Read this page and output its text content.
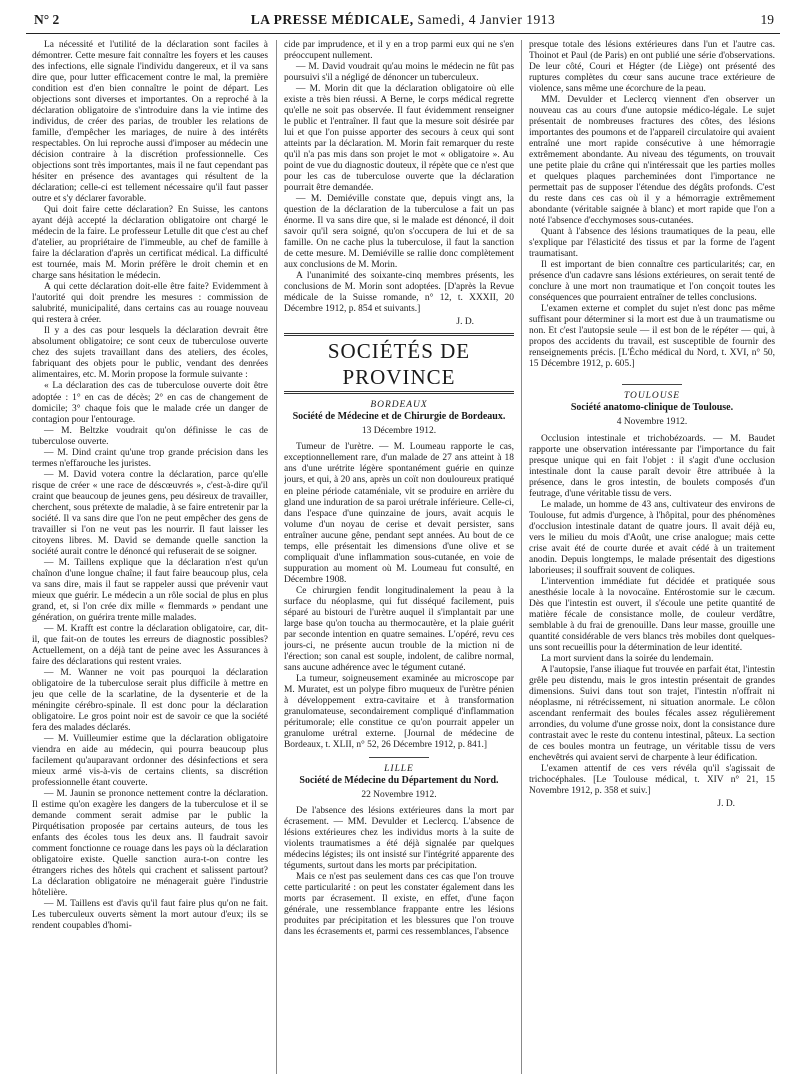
N° 2	LA PRESSE MÉDICALE, Samedi, 4 Janvier 1913	19

La nécessité et l'utilité de la déclaration sont faciles à démontrer. Cette mesure fait connaître les foyers et les causes des infections, elle signale l'individu dangereux, et il va sans dire que, pour lutter efficacement contre le mal, la première condition est d'en bien connaître le point de départ. Les objections sont diverses et importantes. On a reproché à la déclaration obligatoire de s'introduire dans la vie intime des individus, de créer des parias, de troubler les relations de famille, d'empêcher les mariages, de nuire à des intérêts respectables. On lui reproche aussi d'imposer au médecin une décision contraire à la discrétion professionnelle. Ces objections sont très importantes, mais il ne faut cependant pas hésiter en présence des avantages qui résultent de la déclaration; celle-ci est tellement nécessaire qu'il faut passer outre et s'y déclarer favorable.

Qui doit faire cette déclaration? En Suisse, les cantons ayant déjà accepté la déclaration obligatoire ont chargé le médecin de la faire. Le professeur Letulle dit que c'est au chef d'atelier, au propriétaire de l'immeuble, au chef de famille à faire la déclaration d'après un certificat médical. La difficulté est tournée, mais M. Morin préfère le droit chemin et en charge sans hésitation le médecin.

A qui cette déclaration doit-elle être faite? Evidemment à l'autorité qui doit prendre les mesures : commission de salubrité, municipalité, dans certains cas au rouage nouveau qui restera à créer.

Il y a des cas pour lesquels la déclaration devrait être absolument obligatoire; ce sont ceux de tuberculose ouverte chez des sujets travaillant dans des ateliers, des écoles, fabriquant des objets pour le public, vendant des denrées alimentaires, etc. M. Morin propose la formule suivante :

« La déclaration des cas de tuberculose ouverte doit être adoptée : 1° en cas de décès; 2° en cas de changement de domicile; 3° chaque fois que le malade crée un danger de contagion pour l'entourage.

— M. Beltzke voudrait qu'on définisse le cas de tuberculose ouverte.

— M. Dind craint qu'une trop grande précision dans les termes n'effarouche les juristes.

— M. David votera contre la déclaration, parce qu'elle risque de créer « une race de déscœuvrés », c'est-à-dire qu'il craint que beaucoup de jeunes gens, peu désireux de travailler, cherchent, sous prétexte de maladie, à se faire entretenir par la société. Il va sans dire que l'on ne peut empêcher des gens de travailler si l'on ne veut pas les nourrir. Il faut laisser les citoyens libres. M. David se demande quelle sanction la société aurait contre le dénoncé qui refuserait de se soigner.

— M. Taillens explique que la déclaration n'est qu'un chaînon d'une longue chaîne; il faut faire beaucoup plus, cela va sans dire, mais il faut se rappeler aussi que prévenir vaut mieux que guérir. Le médecin a un rôle social de plus en plus grand, et, si l'on crée dix mille « flemmards » pendant une génération, on guérira trente mille malades.

— M. Krafft est contre la déclaration obligatoire, car, dit-il, que fait-on de toutes les erreurs de diagnostic possibles? Actuellement, on a déjà tant de peine avec les Assurances à faire des déclarations qui restent vraies.

— M. Wanner ne voit pas pourquoi la déclaration obligatoire de la tuberculose serait plus difficile à mettre en jeu que celle de la scarlatine, de la dysenterie et de la méningite cérébro-spinale. Il est donc pour la déclaration obligatoire. Le gros point noir est de savoir ce que la société fera des malades déclarés.

— M. Vuilleumier estime que la déclaration obligatoire viendra en aide au médecin, qui pourra beaucoup plus facilement qu'auparavant ordonner des désinfections et sera mieux armé vis-à-vis de certains clients, sa discrétion professionnelle étant couverte.

— M. Jaunin se prononce nettement contre la déclaration. Il estime qu'on exagère les dangers de la tuberculose et il se demande comment serait admise par le public la Pirquétisation proposée par certains auteurs, de tous les enfants des écoles tous les deux ans. Il faudrait savoir comment fonctionne ce rouage dans les pays où la déclaration obligatoire existe. Quelle sanction aura-t-on contre les étrangers riches des hôtels qui crachent et salissent partout? La déclaration obligatoire ne ménagerait guère l'industrie hôtelière.

— M. Taillens est d'avis qu'il faut faire plus qu'on ne fait. Les tuberculeux ouverts sèment la mort autour d'eux; ils se rendent coupables d'homi-

cide par imprudence, et il y en a trop parmi eux qui ne s'en préoccupent nullement.

— M. David voudrait qu'au moins le médecin ne fût pas poursuivi s'il a négligé de dénoncer un tuberculeux.

— M. Morin dit que la déclaration obligatoire où elle existe a très bien réussi. A Berne, le corps médical regrette qu'elle ne soit pas observée. Il faut évidemment renseigner le public et l'entraîner. Il faut que la mesure soit désirée par lui et que l'on puisse apporter des secours à ceux qui sont atteints par la déclaration. M. Morin fait remarquer du reste qu'il n'a pas mis dans son projet le mot « obligatoire ». Au point de vue du diagnostic douteux, il répète que ce n'est que pour les cas de tuberculose ouverte que la déclaration pourrait être demandée.

— M. Demiéville constate que, depuis vingt ans, la question de la déclaration de la tuberculose a fait un pas énorme. Il va sans dire que, si le malade est dénoncé, il doit savoir qu'il sera soigné, qu'on s'occupera de lui et de sa famille. On ne cache plus la tuberculose, il faut la sanction de cette mesure. M. Demiéville se rallie donc complètement aux conclusions de M. Morin.

A l'unanimité des soixante-cinq membres présents, les conclusions de M. Morin sont adoptées. [D'après la Revue médicale de la Suisse romande, n° 12, t. XXXII, 20 Décembre 1912, p. 854 et suivants.]

J. D.

SOCIÉTÉS DE PROVINCE

BORDEAUX

Société de Médecine et de Chirurgie de Bordeaux.

13 Décembre 1912.

Tumeur de l'urètre. — M. Loumeau rapporte le cas, exceptionnellement rare, d'un malade de 27 ans atteint à 18 ans d'une urétrite légère spontanément guérie en quinze jours, et qui, à 20 ans, après un coït non douloureux pratiqué en pleine période cataméniale, vit se produire en arrière du gland une induration de sa paroi urétrale inférieure. Celle-ci, dans l'espace d'une quinzaine de jours, avait acquis le volume d'un noyau de cerise et devait persister, sans entraîner aucune gêne, pendant sept années. Au bout de ce temps, elle présentait les dimensions d'une olive et se compliquait d'une inflammation sous-cutanée, en voie de suppuration au moment où M. Loumeau fut consulté, en Décembre 1908.

Ce chirurgien fendit longitudinalement la peau à la surface du néoplasme, qui fut disséqué facilement, puis séparé au bistouri de l'urètre auquel il s'implantait par une large base qu'on toucha au thermocautère, et la plaie guérit par seconde intention en quatre semaines. L'opéré, revu ces jours-ci, ne présente aucun trouble de la miction ni de l'érection; son canal est souple, indolent, de calibre normal, sans aucune adhérence avec le tégument cutané.

La tumeur, soigneusement examinée au microscope par M. Muratet, est un polype fibro muqueux de l'urètre pénien à développement extra-cavitaire et à transformation granulomateuse, secondairement compliqué d'inflammation péritumorale; elle constitue ce qu'on pourrait appeler un granulome urétral externe. [Journal de médecine de Bordeaux, t. XLII, n° 52, 26 Décembre 1912, p. 841.]

LILLE

Société de Médecine du Département du Nord.

22 Novembre 1912.

De l'absence des lésions extérieures dans la mort par écrasement. — MM. Devulder et Leclercq. L'absence de lésions extérieures chez les individus morts à la suite de violents traumatismes a été déjà signalée par quelques médecins légistes; ils ont insisté sur l'intégrité apparente des téguments, surtout dans les morts par précipitation.

Mais ce n'est pas seulement dans ces cas que l'on trouve cette particularité : on peut les constater également dans les morts par écrasement. Il existe, en effet, d'une façon générale, une ressemblance frappante entre les lésions produites par précipitation et les blessures que l'on trouve dans les écrasements et, parmi ces ressemblances, l'absence

presque totale des lésions extérieures dans l'un et l'autre cas. Thoinot et Paul (de Paris) en ont publié une série d'observations. De leur côté, Couri et Hégter (de Liège) ont présenté des ruptures complètes du cœur sans aucune trace extérieure de violence, sans même une écorchure de la peau.

MM. Devulder et Leclercq viennent d'en observer un nouveau cas au cours d'une autopsie médico-légale. Le sujet présentait de nombreuses fractures des côtes, des lésions importantes des poumons et de l'appareil circulatoire qui avaient entraîné une mort rapide consécutive à une hémorragie extrêmement abondante. Au niveau des téguments, on trouvait une petite plaie du crâne qui n'intéressait que les parties molles et quelques plaques parcheminées dont l'importance ne permettait pas de supposer l'étendue des dégâts profonds. C'est du reste dans ces cas où il y a hémorragie extrêmement abondante (véritable saignée à blanc) et mort rapide que l'on a noté l'absence d'ecchymoses sous-cutanées.

Quant à l'absence des lésions traumatiques de la peau, elle s'explique par l'élasticité des tissus et par la forme de l'agent traumatisant.

Il est important de bien connaître ces particularités; car, en présence d'un cadavre sans lésions extérieures, on serait tenté de conclure à une mort non traumatique et l'on conçoit toutes les conséquences que pourraient entraîner de telles conclusions.

L'examen externe et complet du sujet n'est donc pas même suffisant pour déterminer si la mort est due à un traumatisme ou non. Et c'est l'autopsie seule — il est bon de le répéter — qui, à propos des accidents du travail, est susceptible de fournir des renseignements précis. [L'Écho médical du Nord, t. XVI, n° 50, 15 Décembre 1912, p. 605.]

TOULOUSE

Société anatomo-clinique de Toulouse.

4 Novembre 1912.

Occlusion intestinale et trichobézoards. — M. Baudet rapporte une observation intéressante par l'importance du fait presque unique qui en fait l'objet : il s'agit d'une occlusion intestinale dont la cause paraît devoir être attribuée à la présence, dans le gros intestin, de boulets composés d'un feutrage, d'une véritable tissu de vers.

Le malade, un homme de 43 ans, cultivateur des environs de Toulouse, fut admis d'urgence, à l'hôpital, pour des phénomènes d'occlusion intestinale datant de quatre jours. Il avait déjà eu, vers le milieu du mois d'Août, une crise analogue; mais cette crise avait été de courte durée et avait cédé à un traitement anodin. Depuis longtemps, le malade présentait des digestions laborieuses; il souffrait souvent de coliques.

L'intervention immédiate fut décidée et pratiquée sous anesthésie locale à la novocaïne. Entérostomie sur le cæcum. Dès que l'intestin est ouvert, il s'écoule une petite quantité de matière fécale de consistance molle, de couleur verdâtre, semblable à du frai de grenouille. Dans leur masse, grouille une quantité considérable de vers blancs très mobiles dont quelques-uns sont recueillis pour la détermination de leur identité.

La mort survient dans la soirée du lendemain.

A l'autopsie, l'anse iliaque fut trouvée en parfait état, l'intestin grêle peu distendu, mais le gros intestin présentait de grandes dimensions. Suivi dans tout son trajet, l'intestin n'offrait ni néoplasme, ni rétrécissement, ni situation anormale. Le côlon ascendant renfermait des boules fécales assez régulièrement arrondies, du volume d'une grosse noix, dont la consistance dure contrastait avec le reste du contenu intestinal, pâteux. La section de ces boules montra un feutrage, un véritable tissu de vers enchevêtrés qui avaient servi de charpente à leur édification.

L'examen attentif de ces vers révéla qu'il s'agissait de trichocéphales. [Le Toulouse médical, t. XIV n° 21, 15 Novembre 1912, p. 358 et suiv.]

J. D.
